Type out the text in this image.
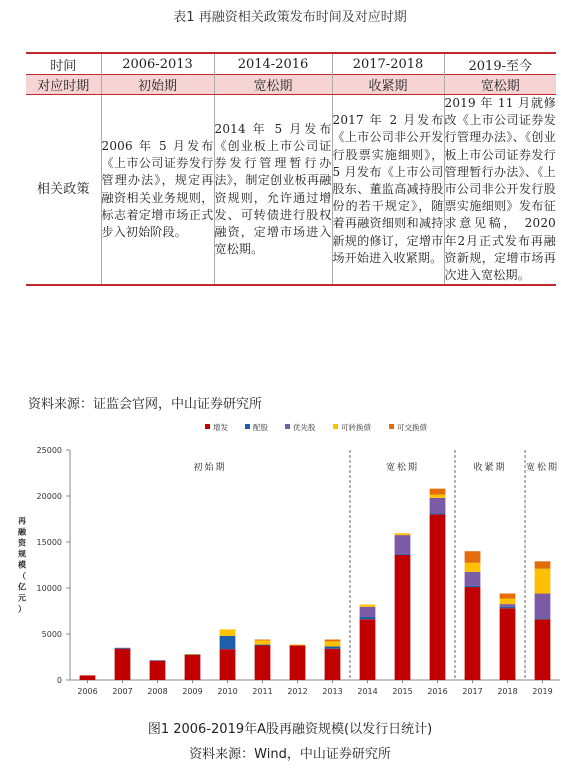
表1 再融资相关政策发布时间及对应时期
时间	2006-2013	2014-2016	2017-2018	2019-至今
对应时期	初始期	宽松期	收紧期	宽松期
相关政策	2006 年 5 月发布《上市公司证券发行管理办法》，规定再融资相关业务规则，标志着定增市场正式步入初始阶段。	2014 年 5 月发布《创业板上市公司证券发行管理暂行办法》，制定创业板再融资规则，允许通过增发、可转债进行股权融资，定增市场进入宽松期。	2017 年 2 月发布《上市公司非公开发行股票实施细则》，5 月发布《上市公司股东、董监高减持股份的若干规定》，随着再融资细则和减持新规的修订，定增市场开始进入收紧期。	2019 年 11 月就修改《上市公司证券发行管理办法》、《创业板上市公司证券发行管理暂行办法》、《上市公司非公开发行股票实施细则》发布征求意见稿， 2020 年2月正式发布再融资新规，定增市场再次进入宽松期。
资料来源：证监会官网，中山证券研究所
0
5000
10000
15000
20000
25000
再融资规模（亿元）
2006 2007 2008 2009 2010 2011 2012 2013 2014 2015 2016 2017 2018 2019
初始期	宽松期	收紧期 宽松期
增发	配股	优先股	可转换债	可交换债
图1 2006-2019年A股再融资规模(以发行日统计)
资料来源：Wind，中山证券研究所
